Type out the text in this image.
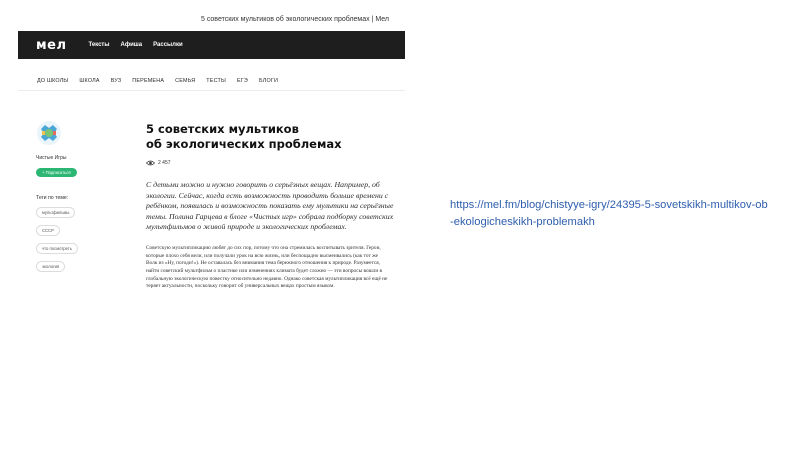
5 советских мультиков об экологических проблемах | Мел
мел	Тексты Афиша Рассылки
ДО ШКОЛЫ ШКОЛА ВУЗ ПЕРЕМЕНА СЕМЬЯ ТЕСТЫ ЕГЭ БЛОГИ
Чистые Игры
+ Подписаться
Теги по теме:
мультфильмы
СССР
что посмотреть
экология
5 советских мультиков
об экологических проблемах
2 457

С детьми можно и нужно говорить о серьёзных вещах. Например, об экологии. Сейчас, когда есть возможность проводить больше времени с ребёнком, появилась и возможность показать ему мультики на серьёзные темы. Полина Гарцева в блоге «Чистых игр» собрала подборку советских мультфильмов о живой природе и экологических проблемах.

Советскую мультипликацию любят до сих пор, потому что она стремилась воспитывать зрителя. Герои, которые плохо себя вели, или получали урок на всю жизнь, или беспощадно высмеивались (как тот же Волк из «Ну, погоди!»). Не оставалась без внимания тема бережного отношения к природе. Разумеется, найти советский мультфильм о пластике или изменениях климата будет сложно — эти вопросы вошли в глобальную экологическую повестку относительно недавно. Однако советская мультипликация всё ещё не теряет актуальности, поскольку говорит об универсальных вещах простым языком.

https://mel.fm/blog/chistyye-igry/24395-5-sovetskikh-multikov-ob-ekologicheskikh-problemakh
